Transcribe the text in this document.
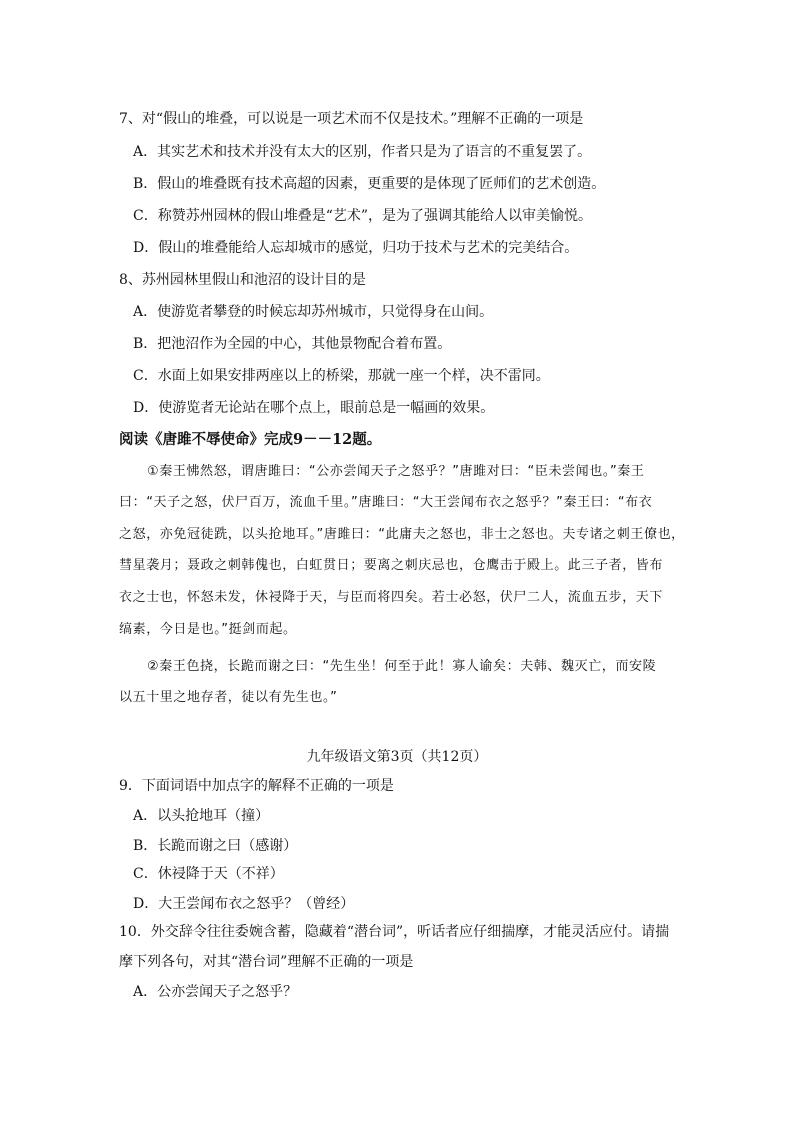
7、对“假山的堆叠，可以说是一项艺术而不仅是技术。”理解不正确的一项是
A．其实艺术和技术并没有太大的区别，作者只是为了语言的不重复罢了。
B．假山的堆叠既有技术高超的因素，更重要的是体现了匠师们的艺术创造。
C．称赞苏州园林的假山堆叠是“艺术”，是为了强调其能给人以审美愉悦。
D．假山的堆叠能给人忘却城市的感觉，归功于技术与艺术的完美结合。
8、苏州园林里假山和池沼的设计目的是
A．使游览者攀登的时候忘却苏州城市，只觉得身在山间。
B．把池沼作为全园的中心，其他景物配合着布置。
C．水面上如果安排两座以上的桥梁，那就一座一个样，决不雷同。
D．使游览者无论站在哪个点上，眼前总是一幅画的效果。
阅读《唐雎不辱使命》完成9－－12题。
①秦王怫然怒，谓唐雎曰：“公亦尝闻天子之怒乎？”唐雎对曰：“臣未尝闻也。”秦王
曰：“天子之怒，伏尸百万，流血千里。”唐雎曰：“大王尝闻布衣之怒乎？”秦王曰：“布衣
之怒，亦免冠徒跣，以头抢地耳。”唐雎曰：“此庸夫之怒也，非士之怒也。夫专诸之刺王僚也，
彗星袭月；聂政之刺韩傀也，白虹贯日；要离之刺庆忌也，仓鹰击于殿上。此三子者，皆布
衣之士也，怀怒未发，休祲降于天，与臣而将四矣。若士必怒，伏尸二人，流血五步，天下
缟素，今日是也。”挺剑而起。
②秦王色挠，长跪而谢之曰：“先生坐！何至于此！寡人谕矣：夫韩、魏灭亡，而安陵
以五十里之地存者，徒以有先生也。”
九年级语文第3页（共12页）
9．下面词语中加点字的解释不正确的一项是
A．以头抢地耳（撞）
B．长跪而谢之曰（感谢）
C．休祲降于天（不祥）
D．大王尝闻布衣之怒乎？（曾经）
10．外交辞令往往委婉含蓄，隐藏着“潜台词”，听话者应仔细揣摩，才能灵活应付。请揣
摩下列各句，对其“潜台词”理解不正确的一项是
A．公亦尝闻天子之怒乎？
